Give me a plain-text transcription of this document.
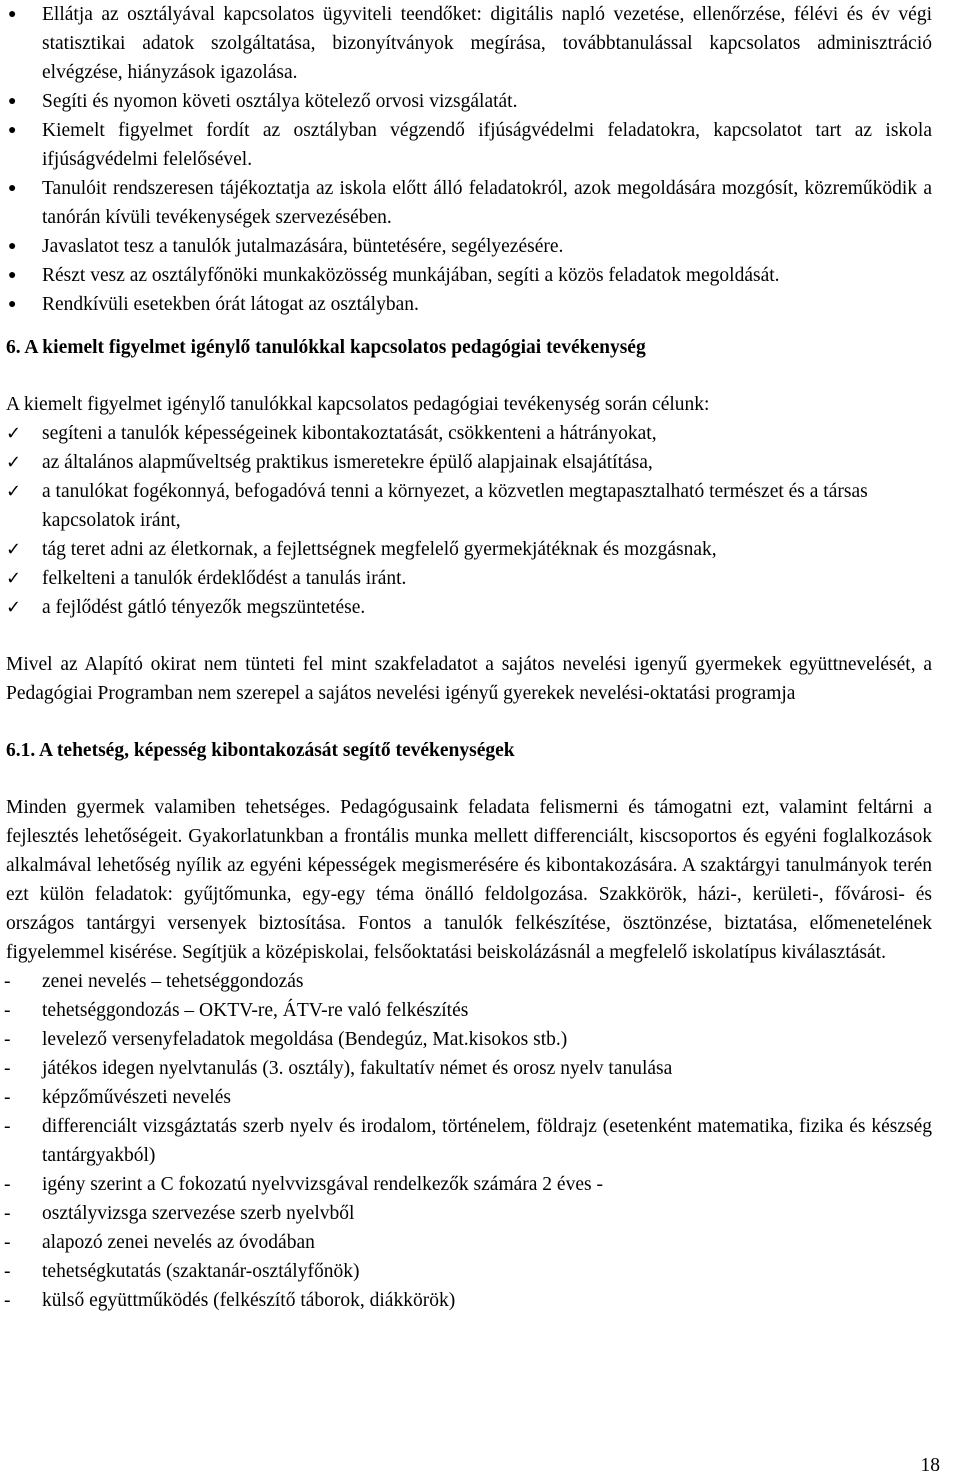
●	Ellátja az osztályával kapcsolatos ügyviteli teendőket: digitális napló vezetése, ellenőrzése, félévi és év végi statisztikai adatok szolgáltatása, bizonyítványok megírása, továbbtanulással kapcsolatos adminisztráció elvégzése, hiányzások igazolása.
●	Segíti és nyomon követi osztálya kötelező orvosi vizsgálatát.
●	Kiemelt figyelmet fordít az osztályban végzendő ifjúságvédelmi feladatokra, kapcsolatot tart az iskola ifjúságvédelmi felelősével.
●	Tanulóit rendszeresen tájékoztatja az iskola előtt álló feladatokról, azok megoldására mozgósít, közreműködik a tanórán kívüli tevékenységek szervezésében.
●	Javaslatot tesz a tanulók jutalmazására, büntetésére, segélyezésére.
●	Részt vesz az osztályfőnöki munkaközösség munkájában, segíti a közös feladatok megoldását.
●	Rendkívüli esetekben órát látogat az osztályban.
6. A kiemelt figyelmet igénylő tanulókkal kapcsolatos pedagógiai tevékenység

A kiemelt figyelmet igénylő tanulókkal kapcsolatos pedagógiai tevékenység során célunk:

✓	segíteni a tanulók képességeinek kibontakoztatását, csökkenteni a hátrányokat,
✓	az általános alapműveltség praktikus ismeretekre épülő alapjainak elsajátítása,
✓	a tanulókat fogékonnyá, befogadóvá tenni a környezet, a közvetlen megtapasztalható természet és a társas kapcsolatok iránt,
✓	tág teret adni az életkornak, a fejlettségnek megfelelő gyermekjátéknak és mozgásnak,
✓	felkelteni a tanulók érdeklődést a tanulás iránt.
✓	a fejlődést gátló tényezők megszüntetése.

Mivel az Alapító okirat nem tünteti fel mint szakfeladatot a sajátos nevelési igenyű gyermekek együttnevelését, a Pedagógiai Programban nem szerepel a sajátos nevelési igényű gyerekek nevelési-oktatási programja

6.1. A tehetség, képesség kibontakozását segítő tevékenységek

Minden gyermek valamiben tehetséges. Pedagógusaink feladata felismerni és támogatni ezt, valamint feltárni a fejlesztés lehetőségeit. Gyakorlatunkban a frontális munka mellett differenciált, kiscsoportos és egyéni foglalkozások alkalmával lehetőség nyílik az egyéni képességek megismerésére és kibontakozására. A szaktárgyi tanulmányok terén ezt külön feladatok: gyűjtőmunka, egy-egy téma önálló feldolgozása. Szakkörök, házi-, kerületi-, fővárosi- és országos tantárgyi versenyek biztosítása. Fontos a tanulók felkészítése, ösztönzése, biztatása, előmenetelének figyelemmel kisérése. Segítjük a középiskolai, felsőoktatási beiskolázásnál a megfelelő iskolatípus kiválasztását.

-	zenei nevelés – tehetséggondozás
-	tehetséggondozás – OKTV-re, ÁTV-re való felkészítés
-	levelező versenyfeladatok megoldása (Bendegúz, Mat.kisokos stb.)
-	játékos idegen nyelvtanulás (3. osztály), fakultatív német és orosz nyelv tanulása
-	képzőművészeti nevelés
-	differenciált vizsgáztatás szerb nyelv és irodalom, történelem, földrajz (esetenként matematika, fizika és készség tantárgyakból)
-	igény szerint a C fokozatú nyelvvizsgával rendelkezők számára 2 éves -
-	osztályvizsga szervezése szerb nyelvből
-	alapozó zenei nevelés az óvodában
-	tehetségkutatás (szaktanár-osztályfőnök)
-	külső együttműködés (felkészítő táborok, diákkörök)
18
